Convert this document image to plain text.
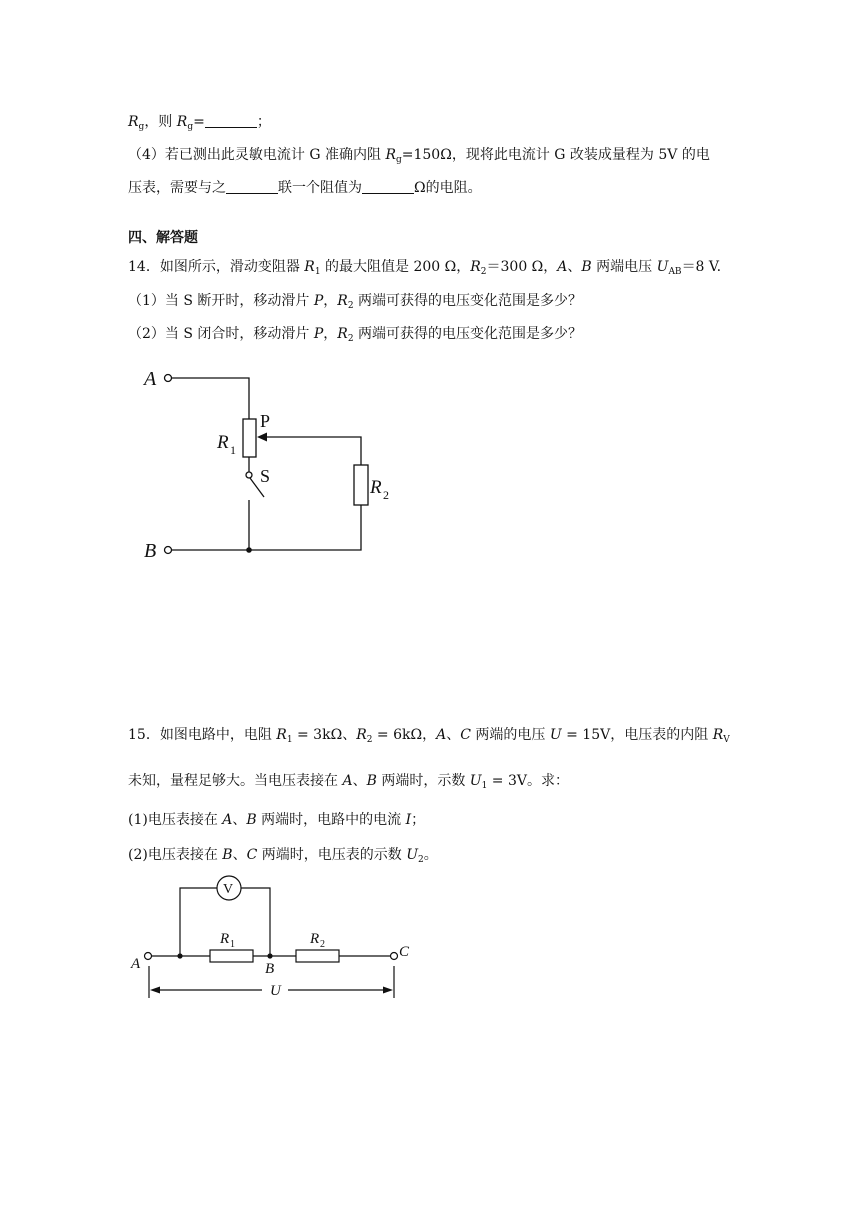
$R_g$，则 $R_g=$	；
（4）若已测出此灵敏电流计 G 准确内阻 $R_g=150\Omega$，现将此电流计 G 改装成量程为 5V 的电
压表，需要与之	联一个阻值为	Ω的电阻。
四、解答题
14．如图所示，滑动变阻器 $R_1$ 的最大阻值是 200 Ω，$R_2=300$ Ω，A、B 两端电压 $U_{AB}=8$ V.
（1）当 S 断开时，移动滑片 P，$R_2$ 两端可获得的电压变化范围是多少？
（2）当 S 闭合时，移动滑片 P，$R_2$ 两端可获得的电压变化范围是多少？
A
B
P
R 1
S
R 2
V
R 1	R 2
A	B
C
U
15．如图电路中，电阻 $R_1 = 3k\Omega$、$R_2 = 6k\Omega$，A、C 两端的电压 U = 15V，电压表的内阻 $R_V$
未知，量程足够大。当电压表接在 A、B 两端时，示数 $U_1 = 3V$。求：
(1)电压表接在 A、B 两端时，电路中的电流 I；
(2)电压表接在 B、C 两端时，电压表的示数 $U_2$。
